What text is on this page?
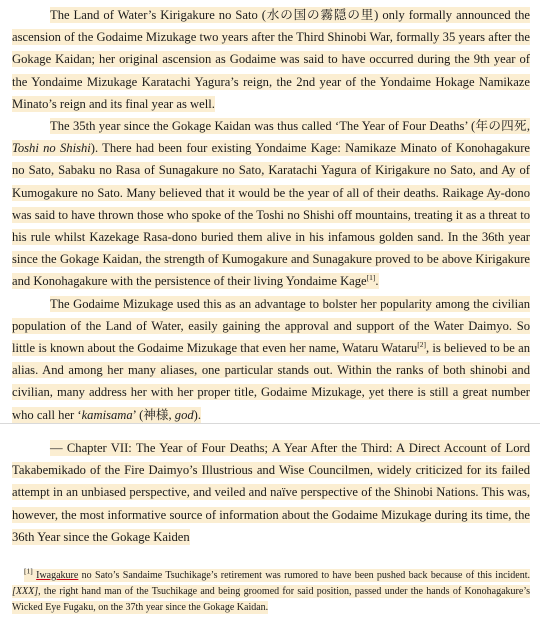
The Land of Water’s Kirigakure no Sato (水の国の霧隠の里) only formally announced the ascension of the Godaime Mizukage two years after the Third Shinobi War, formally 35 years after the Gokage Kaidan; her original ascension as Godaime was said to have occurred during the 9th year of the Yondaime Mizukage Karatachi Yagura’s reign, the 2nd year of the Yondaime Hokage Namikaze Minato’s reign and its final year as well.

The 35th year since the Gokage Kaidan was thus called ‘The Year of Four Deaths’ (年の四死, Toshi no Shishi). There had been four existing Yondaime Kage: Namikaze Minato of Konohagakure no Sato, Sabaku no Rasa of Sunagakure no Sato, Karatachi Yagura of Kirigakure no Sato, and Ay of Kumogakure no Sato. Many believed that it would be the year of all of their deaths. Raikage Ay-dono was said to have thrown those who spoke of the Toshi no Shishi off mountains, treating it as a threat to his rule whilst Kazekage Rasa-dono buried them alive in his infamous golden sand. In the 36th year since the Gokage Kaidan, the strength of Kumogakure and Sunagakure proved to be above Kirigakure and Konohagakure with the persistence of their living Yondaime Kage[1].

The Godaime Mizukage used this as an advantage to bolster her popularity among the civilian population of the Land of Water, easily gaining the approval and support of the Water Daimyo. So little is known about the Godaime Mizukage that even her name, Wataru Wataru[2], is believed to be an alias. And among her many aliases, one particular stands out. Within the ranks of both shinobi and civilian, many address her with her proper title, Godaime Mizukage, yet there is still a great number who call her ‘kamisama’ (神様, god).

— Chapter VII: The Year of Four Deaths; A Year After the Third: A Direct Account of Lord Takabemikado of the Fire Daimyo’s Illustrious and Wise Councilmen, widely criticized for its failed attempt in an unbiased perspective, and veiled and naïve perspective of the Shinobi Nations. This was, however, the most informative source of information about the Godaime Mizukage during its time, the 36th Year since the Gokage Kaiden

[1] Iwagakure no Sato’s Sandaime Tsuchikage’s retirement was rumored to have been pushed back because of this incident. [XXX], the right hand man of the Tsuchikage and being groomed for said position, passed under the hands of Konohagakure’s Wicked Eye Fugaku, on the 37th year since the Gokage Kaidan.
